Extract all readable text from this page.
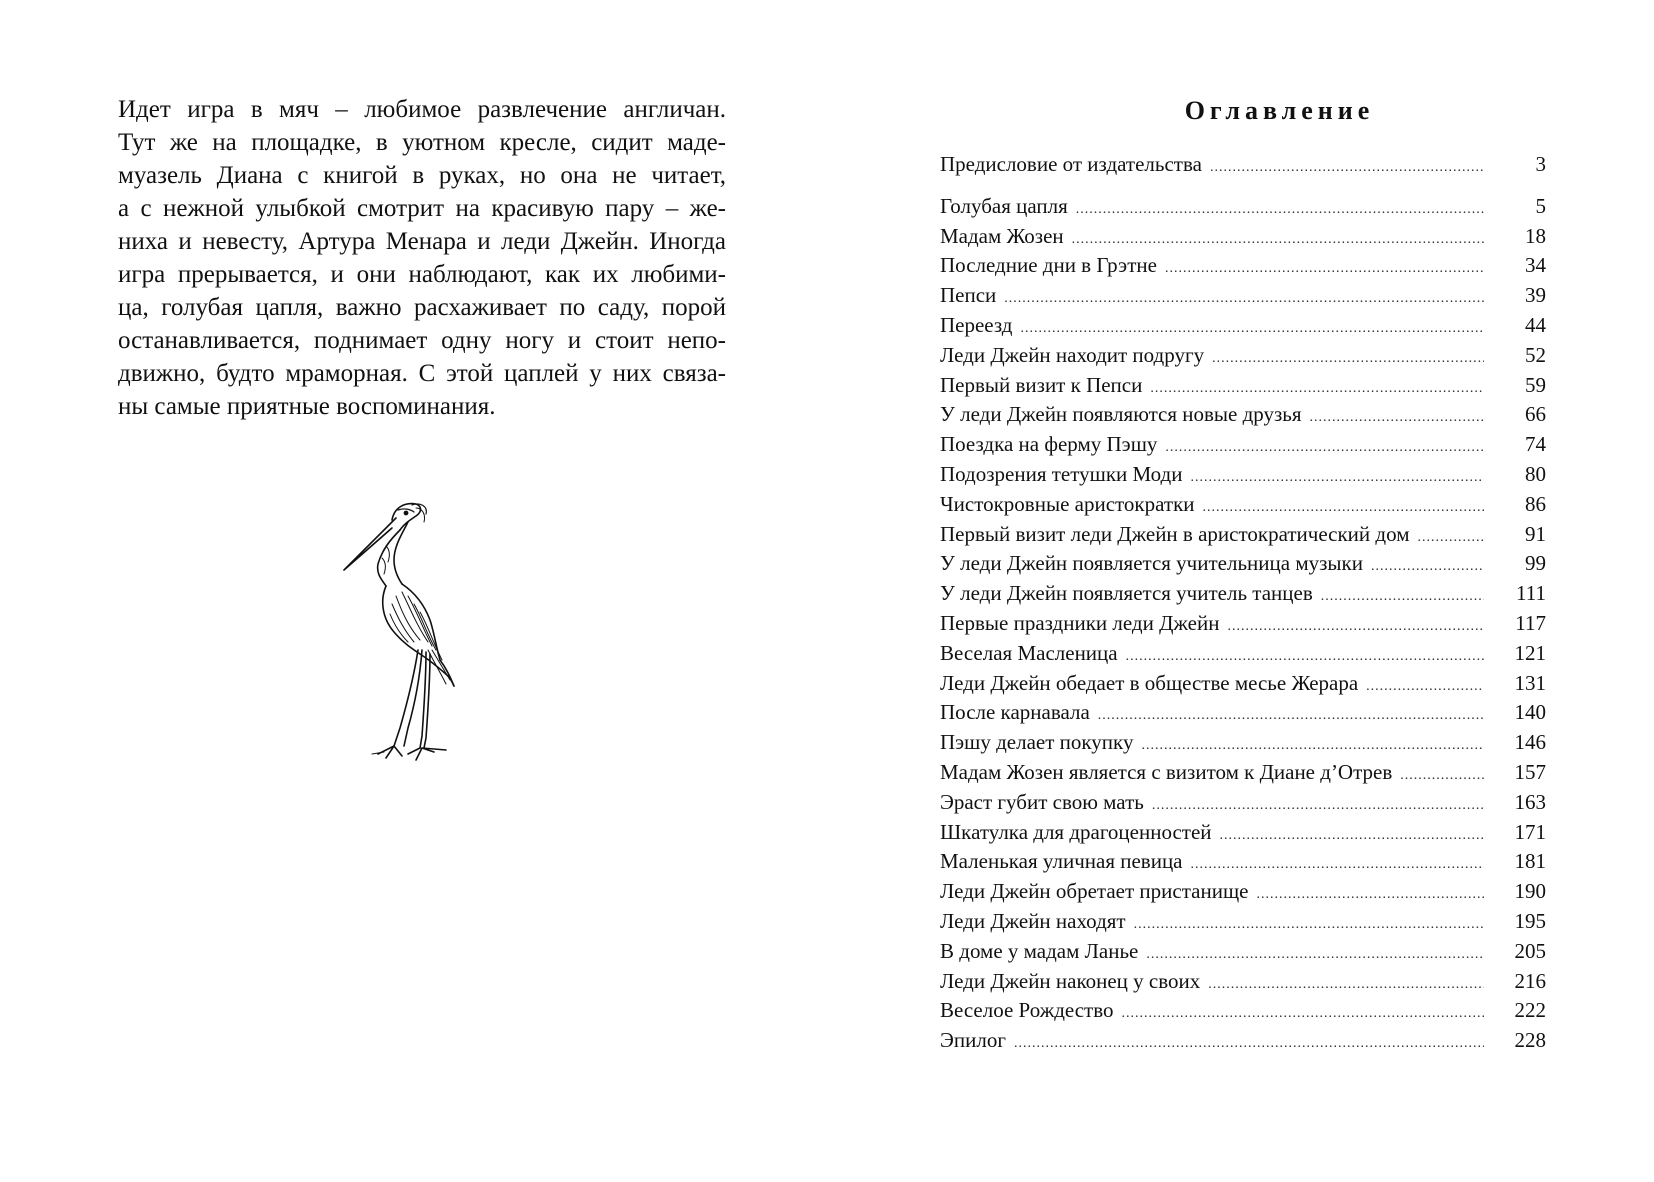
Идет игра в мяч – любимое развлечение англичан.
Тут же на площадке, в уютном кресле, сидит маде-
муазель Диана с книгой в руках, но она не читает,
а с нежной улыбкой смотрит на красивую пару – же-
ниха и невесту, Артура Менара и леди Джейн. Иногда
игра прерывается, и они наблюдают, как их любими-
ца, голубая цапля, важно расхаживает по саду, порой
останавливается, поднимает одну ногу и стоит непо-
движно, будто мраморная. С этой цаплей у них связа-
ны самые приятные воспоминания.

Оглавление
Предисловие от издательства .....	3
Голубая цапля .....	5
Мадам Жозен .....	18
Последние дни в Грэтне .....	34
Пепси .....	39
Переезд .....	44
Леди Джейн находит подругу .....	52
Первый визит к Пепси .....	59
У леди Джейн появляются новые друзья .....	66
Поездка на ферму Пэшу .....	74
Подозрения тетушки Моди .....	80
Чистокровные аристократки .....	86
Первый визит леди Джейн в аристократический дом .....	91
У леди Джейн появляется учительница музыки .....	99
У леди Джейн появляется учитель танцев .....	111
Первые праздники леди Джейн .....	117
Веселая Масленица .....	121
Леди Джейн обедает в обществе месье Жерара .....	131
После карнавала .....	140
Пэшу делает покупку .....	146
Мадам Жозен является с визитом к Диане д’Отрев .....	157
Эраст губит свою мать .....	163
Шкатулка для драгоценностей .....	171
Маленькая уличная певица .....	181
Леди Джейн обретает пристанище .....	190
Леди Джейн находят .....	195
В доме у мадам Ланье .....	205
Леди Джейн наконец у своих .....	216
Веселое Рождество .....	222
Эпилог .....	228
